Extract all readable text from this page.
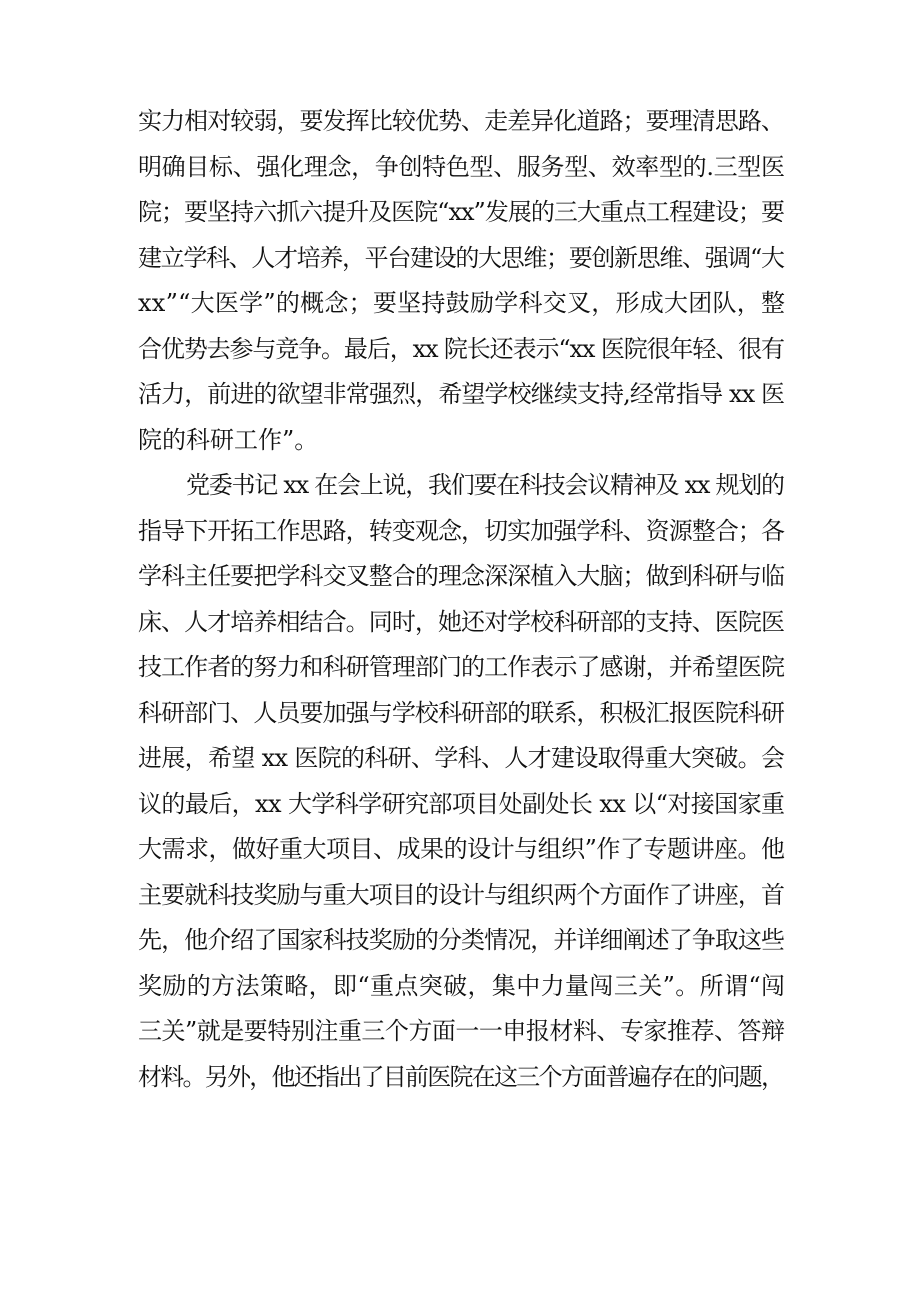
实力相对较弱，要发挥比较优势、走差异化道路；要理清思路、

明确目标、强化理念，争创特色型、服务型、效率型的.三型医

院；要坚持六抓六提升及医院“xx”发展的三大重点工程建设；要

建立学科、人才培养，平台建设的大思维；要创新思维、强调“大

xx”“大医学”的概念；要坚持鼓励学科交叉，形成大团队，整

合优势去参与竞争。最后，xx 院长还表示“xx 医院很年轻、很有

活力，前进的欲望非常强烈，希望学校继续支持,经常指导 xx 医

院的科研工作”。

党委书记 xx 在会上说，我们要在科技会议精神及 xx 规划的

指导下开拓工作思路，转变观念，切实加强学科、资源整合；各

学科主任要把学科交叉整合的理念深深植入大脑；做到科研与临

床、人才培养相结合。同时，她还对学校科研部的支持、医院医

技工作者的努力和科研管理部门的工作表示了感谢，并希望医院

科研部门、人员要加强与学校科研部的联系，积极汇报医院科研

进展，希望 xx 医院的科研、学科、人才建设取得重大突破。会

议的最后，xx 大学科学研究部项目处副处长 xx 以“对接国家重

大需求，做好重大项目、成果的设计与组织”作了专题讲座。他

主要就科技奖励与重大项目的设计与组织两个方面作了讲座，首

先，他介绍了国家科技奖励的分类情况，并详细阐述了争取这些

奖励的方法策略，即“重点突破，集中力量闯三关”。所谓“闯

三关”就是要特别注重三个方面一一申报材料、专家推荐、答辩

材料。另外，他还指出了目前医院在这三个方面普遍存在的问题，
